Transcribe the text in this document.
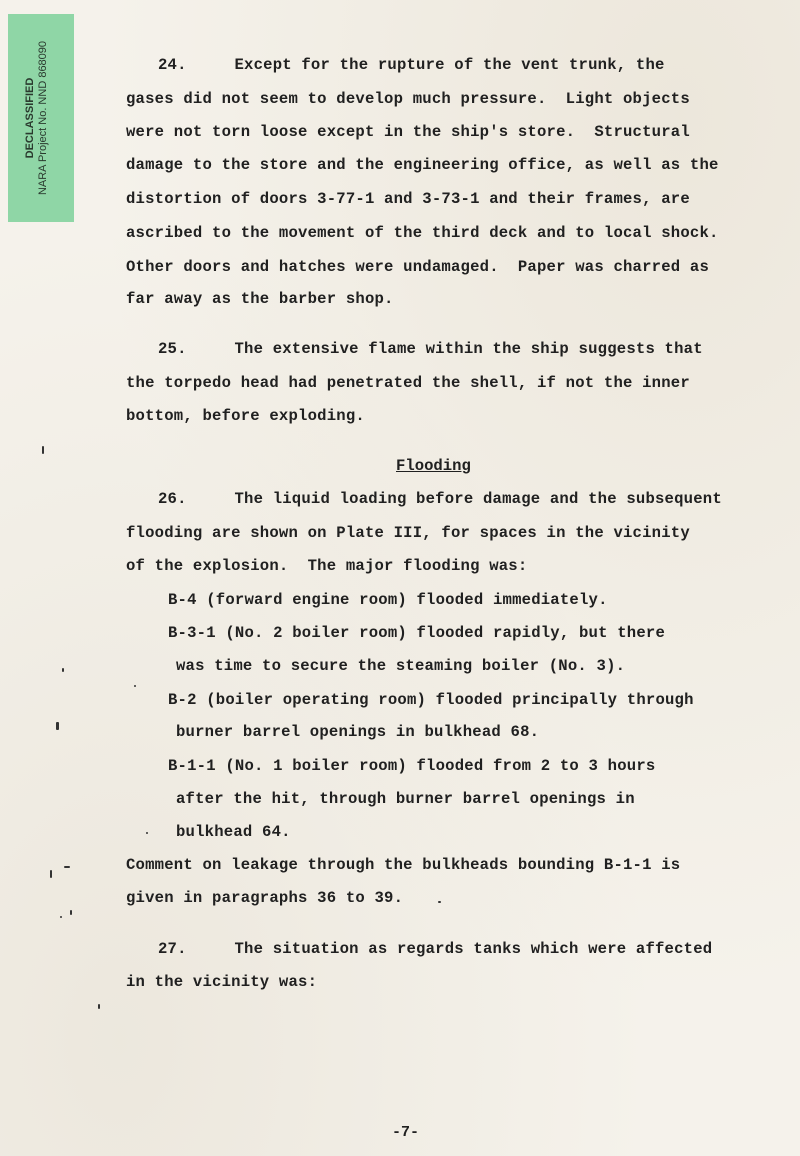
DECLASSIFIED NARA Project No. NND 868090	24.     Except for the rupture of the vent trunk, the
gases did not seem to develop much pressure.  Light objects
were not torn loose except in the ship's store.  Structural
damage to the store and the engineering office, as well as the
distortion of doors 3-77-1 and 3-73-1 and their frames, are
ascribed to the movement of the third deck and to local shock.
Other doors and hatches were undamaged.  Paper was charred as
far away as the barber shop.
25.     The extensive flame within the ship suggests that
the torpedo head had penetrated the shell, if not the inner
bottom, before exploding.
Flooding
26.     The liquid loading before damage and the subsequent
flooding are shown on Plate III, for spaces in the vicinity
of the explosion.  The major flooding was:
B-4 (forward engine room) flooded immediately.
B-3-1 (No. 2 boiler room) flooded rapidly, but there
was time to secure the steaming boiler (No. 3).
B-2 (boiler operating room) flooded principally through
burner barrel openings in bulkhead 68.
B-1-1 (No. 1 boiler room) flooded from 2 to 3 hours
after the hit, through burner barrel openings in
bulkhead 64.
Comment on leakage through the bulkheads bounding B-1-1 is
given in paragraphs 36 to 39.
27.     The situation as regards tanks which were affected
in the vicinity was:
-7-
